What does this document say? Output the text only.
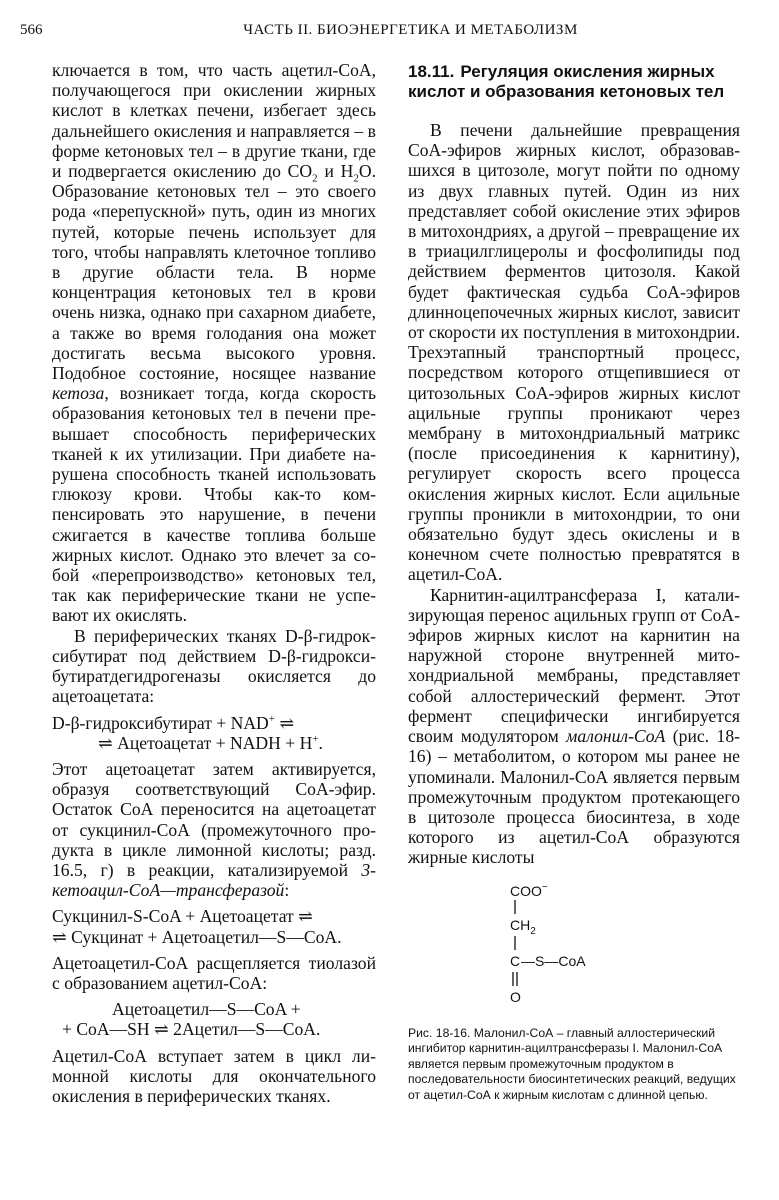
566	ЧАСТЬ II. БИОЭНЕРГЕТИКА И МЕТАБОЛИЗМ

ключается в том, что часть ацетил-СоА, получающегося при окислении жирных кислот в клетках печени, избегает здесь дальнейшего окисления и направляется – в форме кетоновых тел – в другие ткани, где и подвергается окислению до $СО_2$ и $Н_2О$. Образование кетоновых тел – это своего рода «перепускной» путь, один из многих путей, которые печень использует для того, чтобы направлять клеточное топливо в другие области тела. В норме концентрация кетоновых тел в крови очень низка, однако при сахарном диабете, а также во время голодания она может достигать весьма высокого уровня. Подобное состояние, носящее название кетоза, возникает тогда, когда скорость образования кетоновых тел в печени превышает способность периферических тканей к их утилизации. При диабете нарушена способность тканей использовать глюкозу крови. Чтобы как-то компенсировать это нарушение, в печени сжигается в качестве топлива больше жирных кислот. Однако это влечет за собой «перепроизводство» кетоновых тел, так как периферические ткани не успевают их окислять.

В периферических тканях D-β-гидроксибутират под действием D-β-гидроксибутиратдегидрогеназы окисляется до ацетоацетата:

D-β-гидроксибутират + NAD+ ⇌
⇌ Ацетоацетат + NADH + H+.

Этот ацетоацетат затем активируется, образуя соответствующий СоА-эфир. Остаток СоА переносится на ацетоацетат от сукцинил-СоА (промежуточного продукта в цикле лимонной кислоты; разд. 16.5, г) в реакции, катализируемой 3-кетоацил-СоА—трансферазой:

Сукцинил-S-CoA + Ацетоацетат ⇌
⇌ Сукцинат + Ацетоацетил—S—CoA.

Ацетоацетил-СоА расщепляется тиолазой с образованием ацетил-СоА:

Ацетоацетил—S—CoA +
+ CoA—SH ⇌ 2Ацетил—S—CoA.

Ацетил-СоА вступает затем в цикл лимонной кислоты для окончательного окисления в периферических тканях.

18.11. Регуляция окисления жирных кислот и образования кетоновых тел

В печени дальнейшие превращения СоА-эфиров жирных кислот, образовавшихся в цитозоле, могут пойти по одному из двух главных путей. Один из них представляет собой окисление этих эфиров в митохондриях, а другой – превращение их в триацилглицеролы и фосфолипиды под действием ферментов цитозоля. Какой будет фактическая судьба СоА-эфиров длинноцепочечных жирных кислот, зависит от скорости их поступления в митохондрии. Трехэтапный транспортный процесс, посредством которого отщепившиеся от цитозольных СоА-эфиров жирных кислот ацильные группы проникают через мембрану в митохондриальный матрикс (после присоединения к карнитину), регулирует скорость всего процесса окисления жирных кислот. Если ацильные группы проникли в митохондрии, то они обязательно будут здесь окислены и в конечном счете полностью превратятся в ацетил-СоА.

Карнитин-ацилтрансфераза I, катализирующая перенос ацильных групп от СоА-эфиров жирных кислот на карнитин на наружной стороне внутренней митохондриальной мембраны, представляет собой аллостерический фермент. Этот фермент специфически ингибируется своим модулятором малонил-СоА (рис. 18-16) – метаболитом, о котором мы ранее не упоминали. Малонил-СоА является первым промежуточным продуктом протекающего в цитозоле процесса биосинтеза, в ходе которого из ацетил-СоА образуются жирные кислоты

COO−
$CH_2$
C —S—CoA
O
Рис. 18-16. Малонил-СоА – главный аллостерический ингибитор карнитин-ацилтрансферазы I. Малонил-СоА является первым промежуточным продуктом в последовательности биосинтетических реакций, ведущих от ацетил-СоА к жирным кислотам с длинной цепью.
